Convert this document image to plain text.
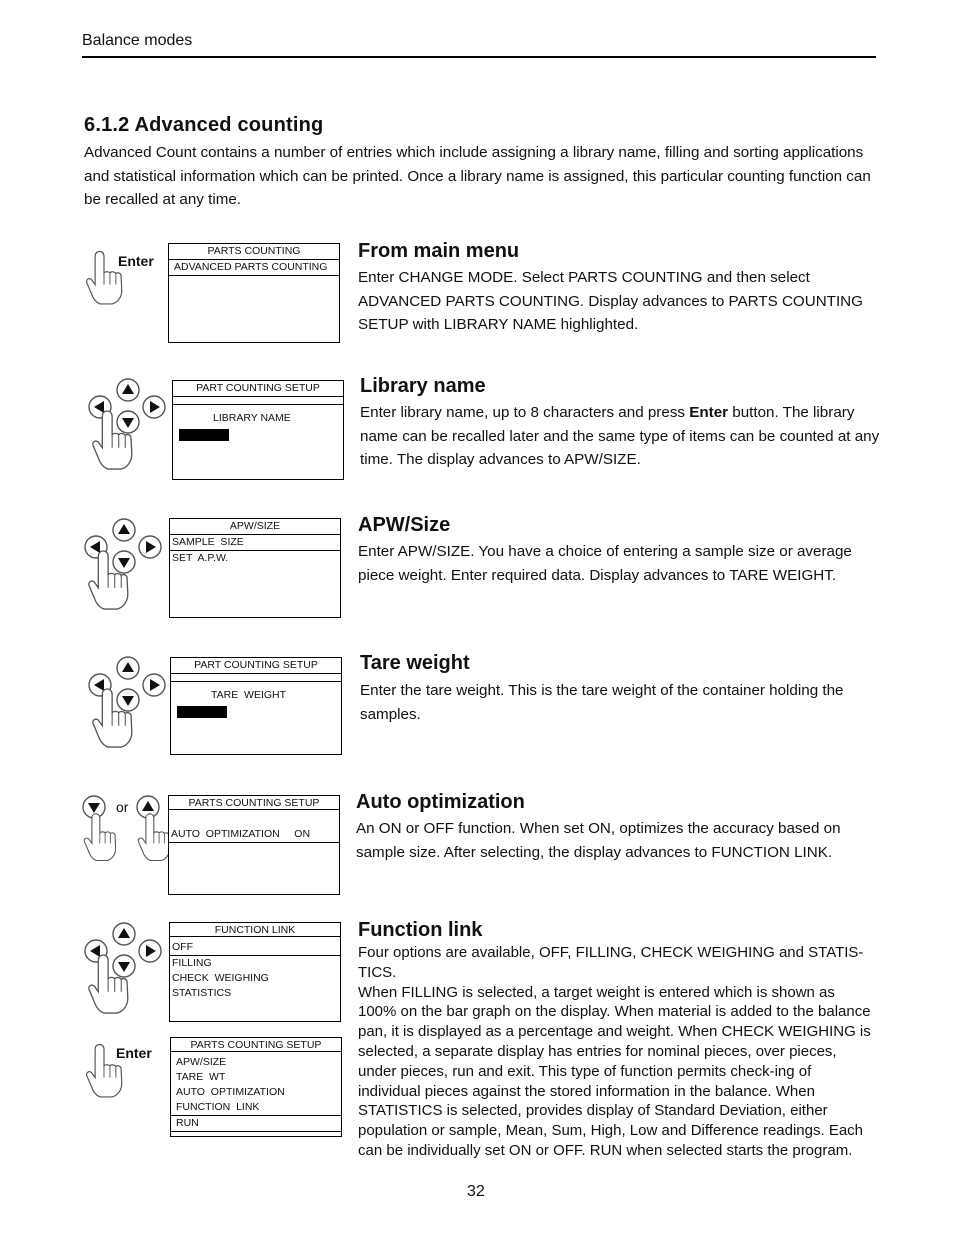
Balance modes
6.1.2 Advanced counting
Advanced Count contains a number of entries which include assigning a library name, filling and sorting applications and statistical information which can be printed. Once a library name is assigned, this particular counting function can be recalled at any time.
Enter
PARTS COUNTING
ADVANCED PARTS COUNTING
From main menu
Enter CHANGE MODE. Select PARTS COUNTING and then select ADVANCED PARTS COUNTING. Display advances to PARTS COUNTING SETUP with LIBRARY NAME highlighted.
PART COUNTING SETUP
LIBRARY NAME
Library name
Enter library name, up to 8 characters and press Enter button. The library name can be recalled later and the same type of items can be counted at any time. The display advances to APW/SIZE.
APW/SIZE
SAMPLE  SIZE
SET  A.P.W.
APW/Size
Enter APW/SIZE. You have a choice of entering a sample size or average piece weight. Enter required data. Display advances to TARE WEIGHT.
PART COUNTING SETUP
TARE  WEIGHT
Tare weight
Enter the tare weight. This is the tare weight of the container holding the samples.
or	PARTS COUNTING SETUP
AUTO  OPTIMIZATION     ON
Auto optimization
An ON or OFF function. When set ON, optimizes the accuracy based on sample size. After selecting, the display advances to FUNCTION LINK.
FUNCTION LINK
OFF
FILLING
CHECK  WEIGHING
STATISTICS
Enter	PARTS COUNTING SETUP
APW/SIZE
TARE  WT
AUTO  OPTIMIZATION
FUNCTION  LINK
RUN
Function link
Four options are available, OFF, FILLING, CHECK WEIGHING and STATIS-TICS.
When FILLING is selected, a target weight is entered which is shown as 100% on the bar graph on the display. When material is added to the balance pan, it is displayed as a percentage and weight. When CHECK WEIGHING is selected, a separate display has entries for nominal pieces, over pieces, under pieces, run and exit. This type of function permits check-ing of individual pieces against the stored information in the balance. When STATISTICS is selected, provides display of Standard Deviation, either population or sample, Mean, Sum, High, Low and Difference readings. Each can be individually set ON or OFF. RUN when selected starts the program.
32
